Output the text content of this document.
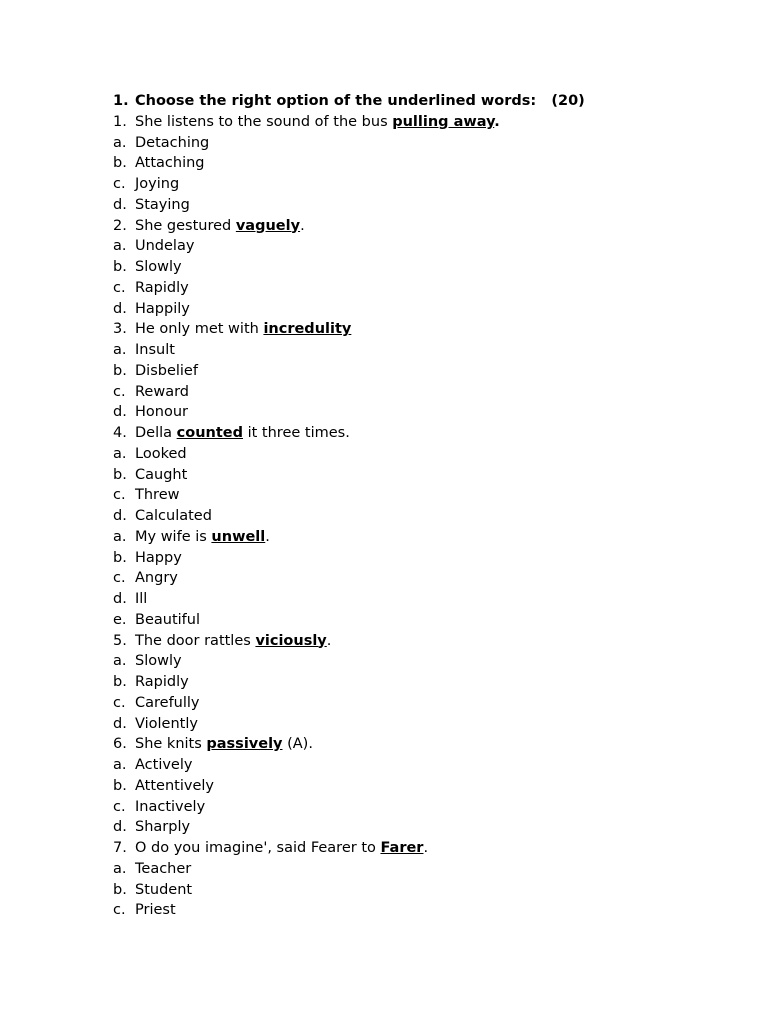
1. Choose the right option of the underlined words:   (20)
1. She listens to the sound of the bus pulling away.
a. Detaching
b. Attaching
c. Joying
d. Staying
2. She gestured vaguely.
a. Undelay
b. Slowly
c. Rapidly
d. Happily
3. He only met with incredulity
a. Insult
b. Disbelief
c. Reward
d. Honour
4. Della counted it three times.
a. Looked
b. Caught
c. Threw
d. Calculated
a. My wife is unwell.
b. Happy
c. Angry
d. Ill
e. Beautiful
5. The door rattles viciously.
a. Slowly
b. Rapidly
c. Carefully
d. Violently
6. She knits passively (A).
a. Actively
b. Attentively
c. Inactively
d. Sharply
7. O do you imagine', said Fearer to Farer.
a. Teacher
b. Student
c. Priest
